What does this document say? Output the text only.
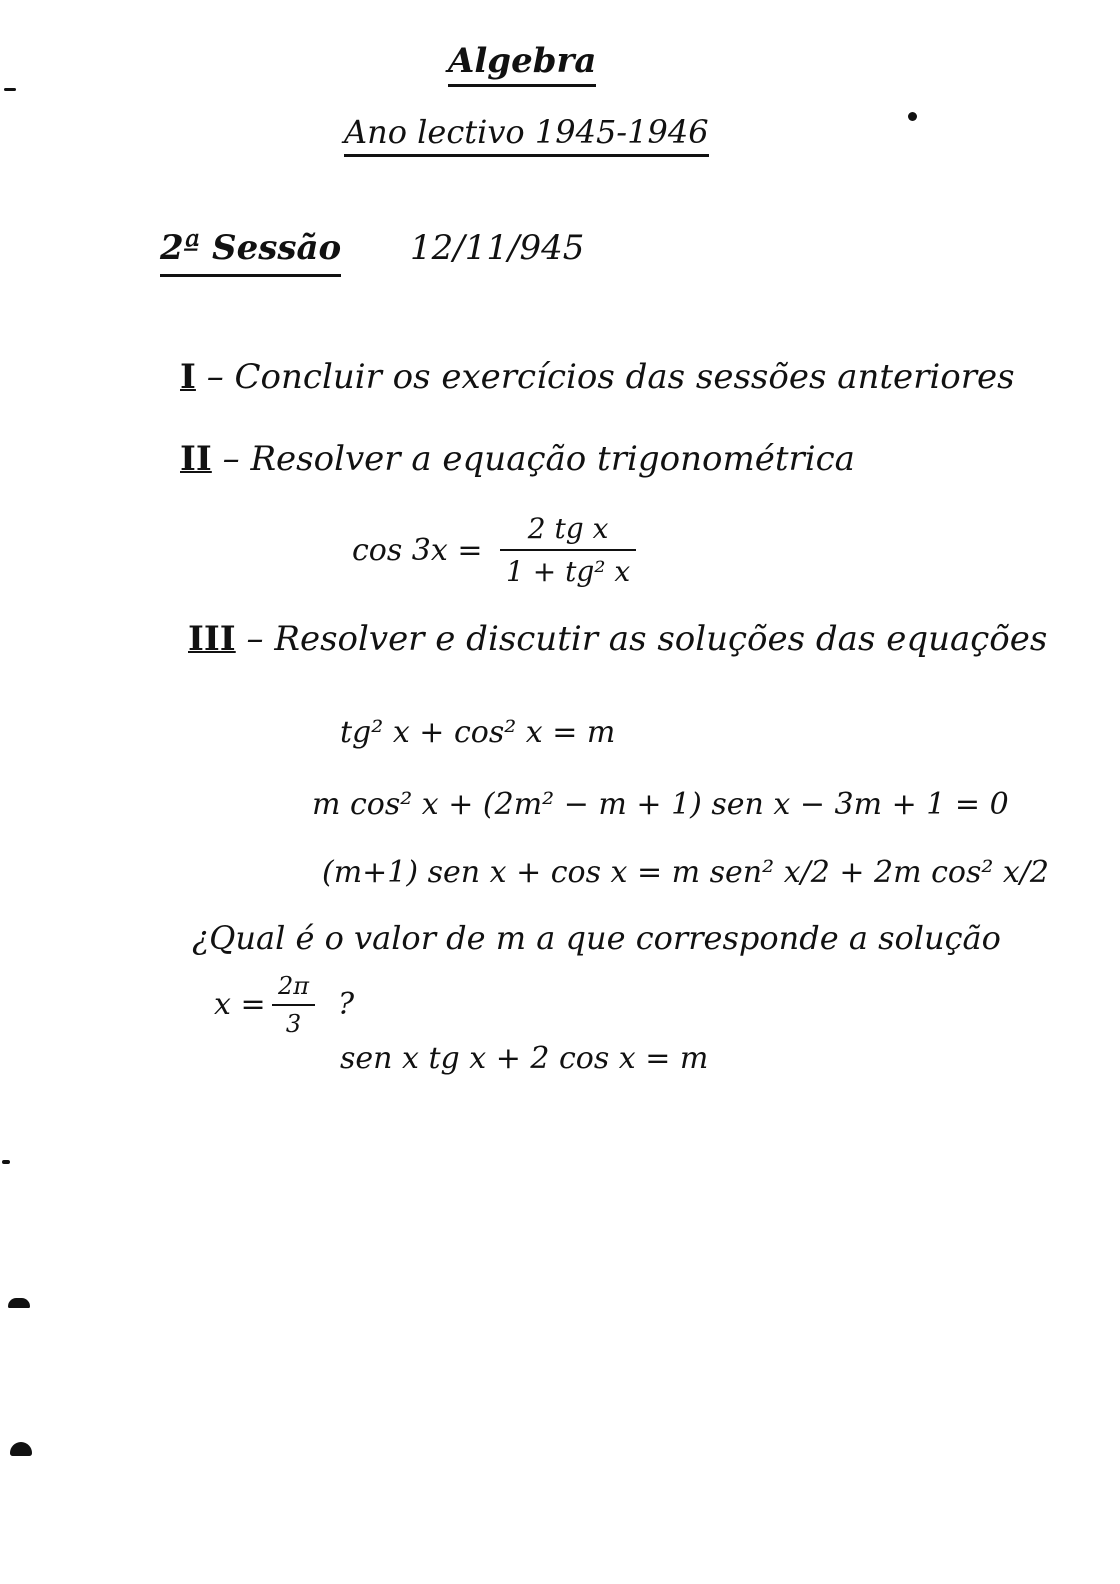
Algebra
Ano lectivo 1945-1946
2ª Sessão 12/11/945
I – Concluir os exercícios das sessões anteriores
II – Resolver a equação trigonométrica
cos 3x =
2 tg x
1 + tg² x
III – Resolver e discutir as soluções das equações
tg² x + cos² x = m
m cos² x + (2m² − m + 1) sen x − 3m + 1 = 0
(m+1) sen x + cos x = m sen² x/2 + 2m cos² x/2
¿Qual é o valor de m a que corresponde a solução
x =
2π
3
?
sen x tg x + 2 cos x = m
